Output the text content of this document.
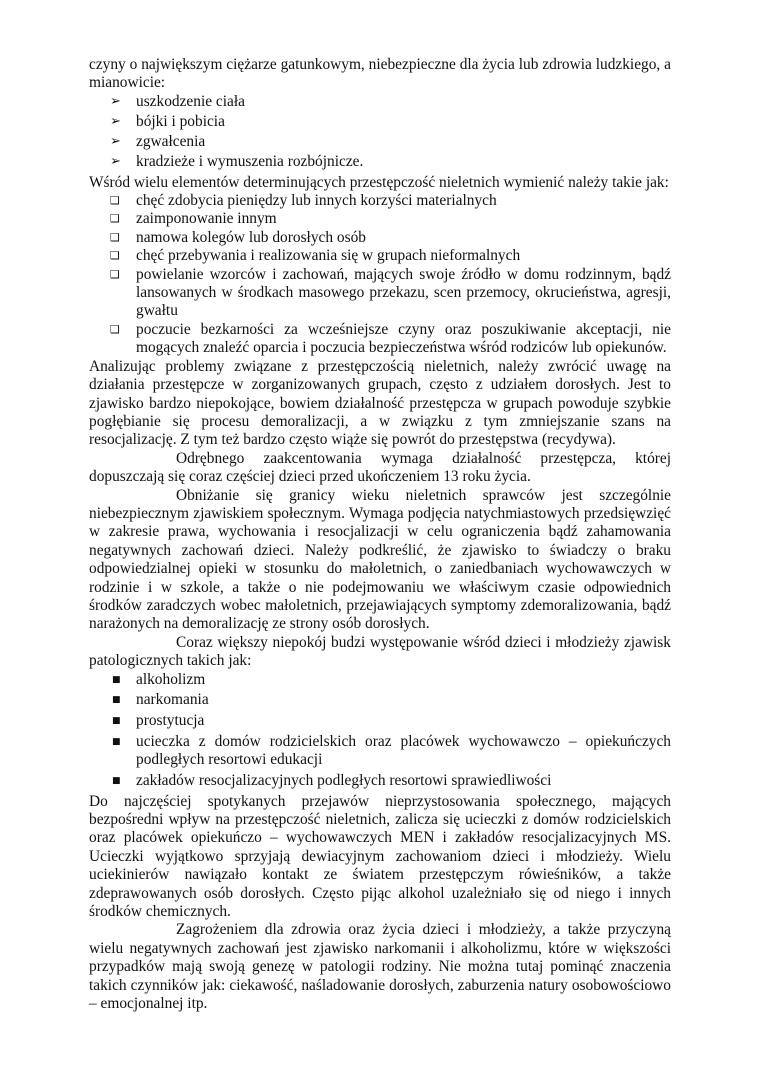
czyny o największym ciężarze gatunkowym, niebezpieczne dla życia lub zdrowia ludzkiego, a mianowicie:

➢ uszkodzenie ciała
➢ bójki i pobicia
➢ zgwałcenia
➢ kradzieże i wymuszenia rozbójnicze.

Wśród wielu elementów determinujących przestępczość nieletnich wymienić należy takie jak:

❑ chęć zdobycia pieniędzy lub innych korzyści materialnych
❑ zaimponowanie innym
❑ namowa kolegów lub dorosłych osób
❑ chęć przebywania i realizowania się w grupach nieformalnych
❑ powielanie wzorców i zachowań, mających swoje źródło w domu rodzinnym, bądź lansowanych w środkach masowego przekazu, scen przemocy, okrucieństwa, agresji, gwałtu
❑ poczucie bezkarności za wcześniejsze czyny oraz poszukiwanie akceptacji, nie mogących znaleźć oparcia i poczucia bezpieczeństwa wśród rodziców lub opiekunów.

Analizując problemy związane z przestępczością nieletnich, należy zwrócić uwagę na działania przestępcze w zorganizowanych grupach, często z udziałem dorosłych. Jest to zjawisko bardzo niepokojące, bowiem działalność przestępcza w grupach powoduje szybkie pogłębianie się procesu demoralizacji, a w związku z tym zmniejszanie szans na resocjalizację. Z tym też bardzo często wiąże się powrót do przestępstwa (recydywa).

Odrębnego zaakcentowania wymaga działalność przestępcza, której dopuszczają się coraz częściej dzieci przed ukończeniem 13 roku życia.

Obniżanie się granicy wieku nieletnich sprawców jest szczególnie niebezpiecznym zjawiskiem społecznym. Wymaga podjęcia natychmiastowych przedsięwzięć w zakresie prawa, wychowania i resocjalizacji w celu ograniczenia bądź zahamowania negatywnych zachowań dzieci. Należy podkreślić, że zjawisko to świadczy o braku odpowiedzialnej opieki w stosunku do małoletnich, o zaniedbaniach wychowawczych w rodzinie i w szkole, a także o nie podejmowaniu we właściwym czasie odpowiednich środków zaradczych wobec małoletnich, przejawiających symptomy zdemoralizowania, bądź narażonych na demoralizację ze strony osób dorosłych.

Coraz większy niepokój budzi występowanie wśród dzieci i młodzieży zjawisk patologicznych takich jak:

■ alkoholizm
■ narkomania
■ prostytucja
■ ucieczka z domów rodzicielskich oraz placówek wychowawczo – opiekuńczych podległych resortowi edukacji
■ zakładów resocjalizacyjnych podległych resortowi sprawiedliwości

Do najczęściej spotykanych przejawów nieprzystosowania społecznego, mających bezpośredni wpływ na przestępczość nieletnich, zalicza się ucieczki z domów rodzicielskich oraz placówek opiekuńczo – wychowawczych MEN i zakładów resocjalizacyjnych MS. Ucieczki wyjątkowo sprzyjają dewiacyjnym zachowaniom dzieci i młodzieży. Wielu uciekinierów nawiązało kontakt ze światem przestępczym rówieśników, a także zdeprawowanych osób dorosłych. Często pijąc alkohol uzależniało się od niego i innych środków chemicznych.

Zagrożeniem dla zdrowia oraz życia dzieci i młodzieży, a także przyczyną wielu negatywnych zachowań jest zjawisko narkomanii i alkoholizmu, które w większości przypadków mają swoją genezę w patologii rodziny. Nie można tutaj pominąć znaczenia takich czynników jak: ciekawość, naśladowanie dorosłych, zaburzenia natury osobowościowo – emocjonalnej itp.
